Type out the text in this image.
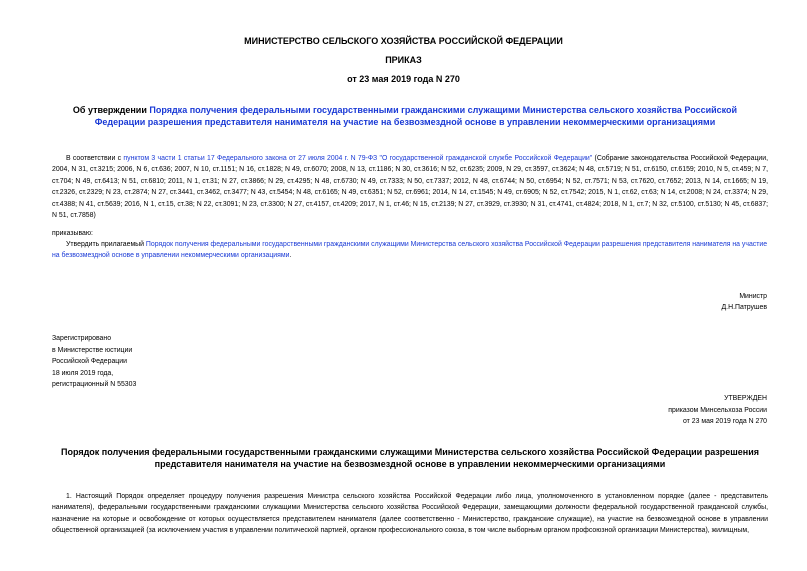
МИНИСТЕРСТВО СЕЛЬСКОГО ХОЗЯЙСТВА РОССИЙСКОЙ ФЕДЕРАЦИИ
ПРИКАЗ
от 23 мая 2019 года N 270
Об утверждении Порядка получения федеральными государственными гражданскими служащими Министерства сельского хозяйства Российской Федерации разрешения представителя нанимателя на участие на безвозмездной основе в управлении некоммерческими организациями
В соответствии с пунктом 3 части 1 статьи 17 Федерального закона от 27 июля 2004 г. N 79-ФЗ "О государственной гражданской службе Российской Федерации" (Собрание законодательства Российской Федерации, 2004, N 31, ст.3215; 2006, N 6, ст.636; 2007, N 10, ст.1151; N 16, ст.1828; N 49, ст.6070; 2008, N 13, ст.1186; N 30, ст.3616; N 52, ст.6235; 2009, N 29, ст.3597, ст.3624; N 48, ст.5719; N 51, ст.6150, ст.6159; 2010, N 5, ст.459; N 7, ст.704; N 49, ст.6413; N 51, ст.6810; 2011, N 1, ст.31; N 27, ст.3866; N 29, ст.4295; N 48, ст.6730; N 49, ст.7333; N 50, ст.7337; 2012, N 48, ст.6744; N 50, ст.6954; N 52, ст.7571; N 53, ст.7620, ст.7652; 2013, N 14, ст.1665; N 19, ст.2326, ст.2329; N 23, ст.2874; N 27, ст.3441, ст.3462, ст.3477; N 43, ст.5454; N 48, ст.6165; N 49, ст.6351; N 52, ст.6961; 2014, N 14, ст.1545; N 49, ст.6905; N 52, ст.7542; 2015, N 1, ст.62, ст.63; N 14, ст.2008; N 24, ст.3374; N 29, ст.4388; N 41, ст.5639; 2016, N 1, ст.15, ст.38; N 22, ст.3091; N 23, ст.3300; N 27, ст.4157, ст.4209; 2017, N 1, ст.46; N 15, ст.2139; N 27, ст.3929, ст.3930; N 31, ст.4741, ст.4824; 2018, N 1, ст.7; N 32, ст.5100, ст.5130; N 45, ст.6837; N 51, ст.7858)
приказываю:
Утвердить прилагаемый Порядок получения федеральными государственными гражданскими служащими Министерства сельского хозяйства Российской Федерации разрешения представителя нанимателя на участие на безвозмездной основе в управлении некоммерческими организациями.
Министр
Д.Н.Патрушев
Зарегистрировано
в Министерстве юстиции
Российской Федерации
18 июля 2019 года,
регистрационный N 55303
УТВЕРЖДЕН
приказом Минсельхоза России
от 23 мая 2019 года N 270
Порядок получения федеральными государственными гражданскими служащими Министерства сельского хозяйства Российской Федерации разрешения представителя нанимателя на участие на безвозмездной основе в управлении некоммерческими организациями
1. Настоящий Порядок определяет процедуру получения разрешения Министра сельского хозяйства Российской Федерации либо лица, уполномоченного в установленном порядке (далее - представитель нанимателя), федеральными государственными гражданскими служащими Министерства сельского хозяйства Российской Федерации, замещающими должности федеральной государственной гражданской службы, назначение на которые и освобождение от которых осуществляется представителем нанимателя (далее соответственно - Министерство, гражданские служащие), на участие на безвозмездной основе в управлении общественной организацией (за исключением участия в управлении политической партией, органом профессионального союза, в том числе выборным органом профсоюзной организации Министерства), жилищным,
